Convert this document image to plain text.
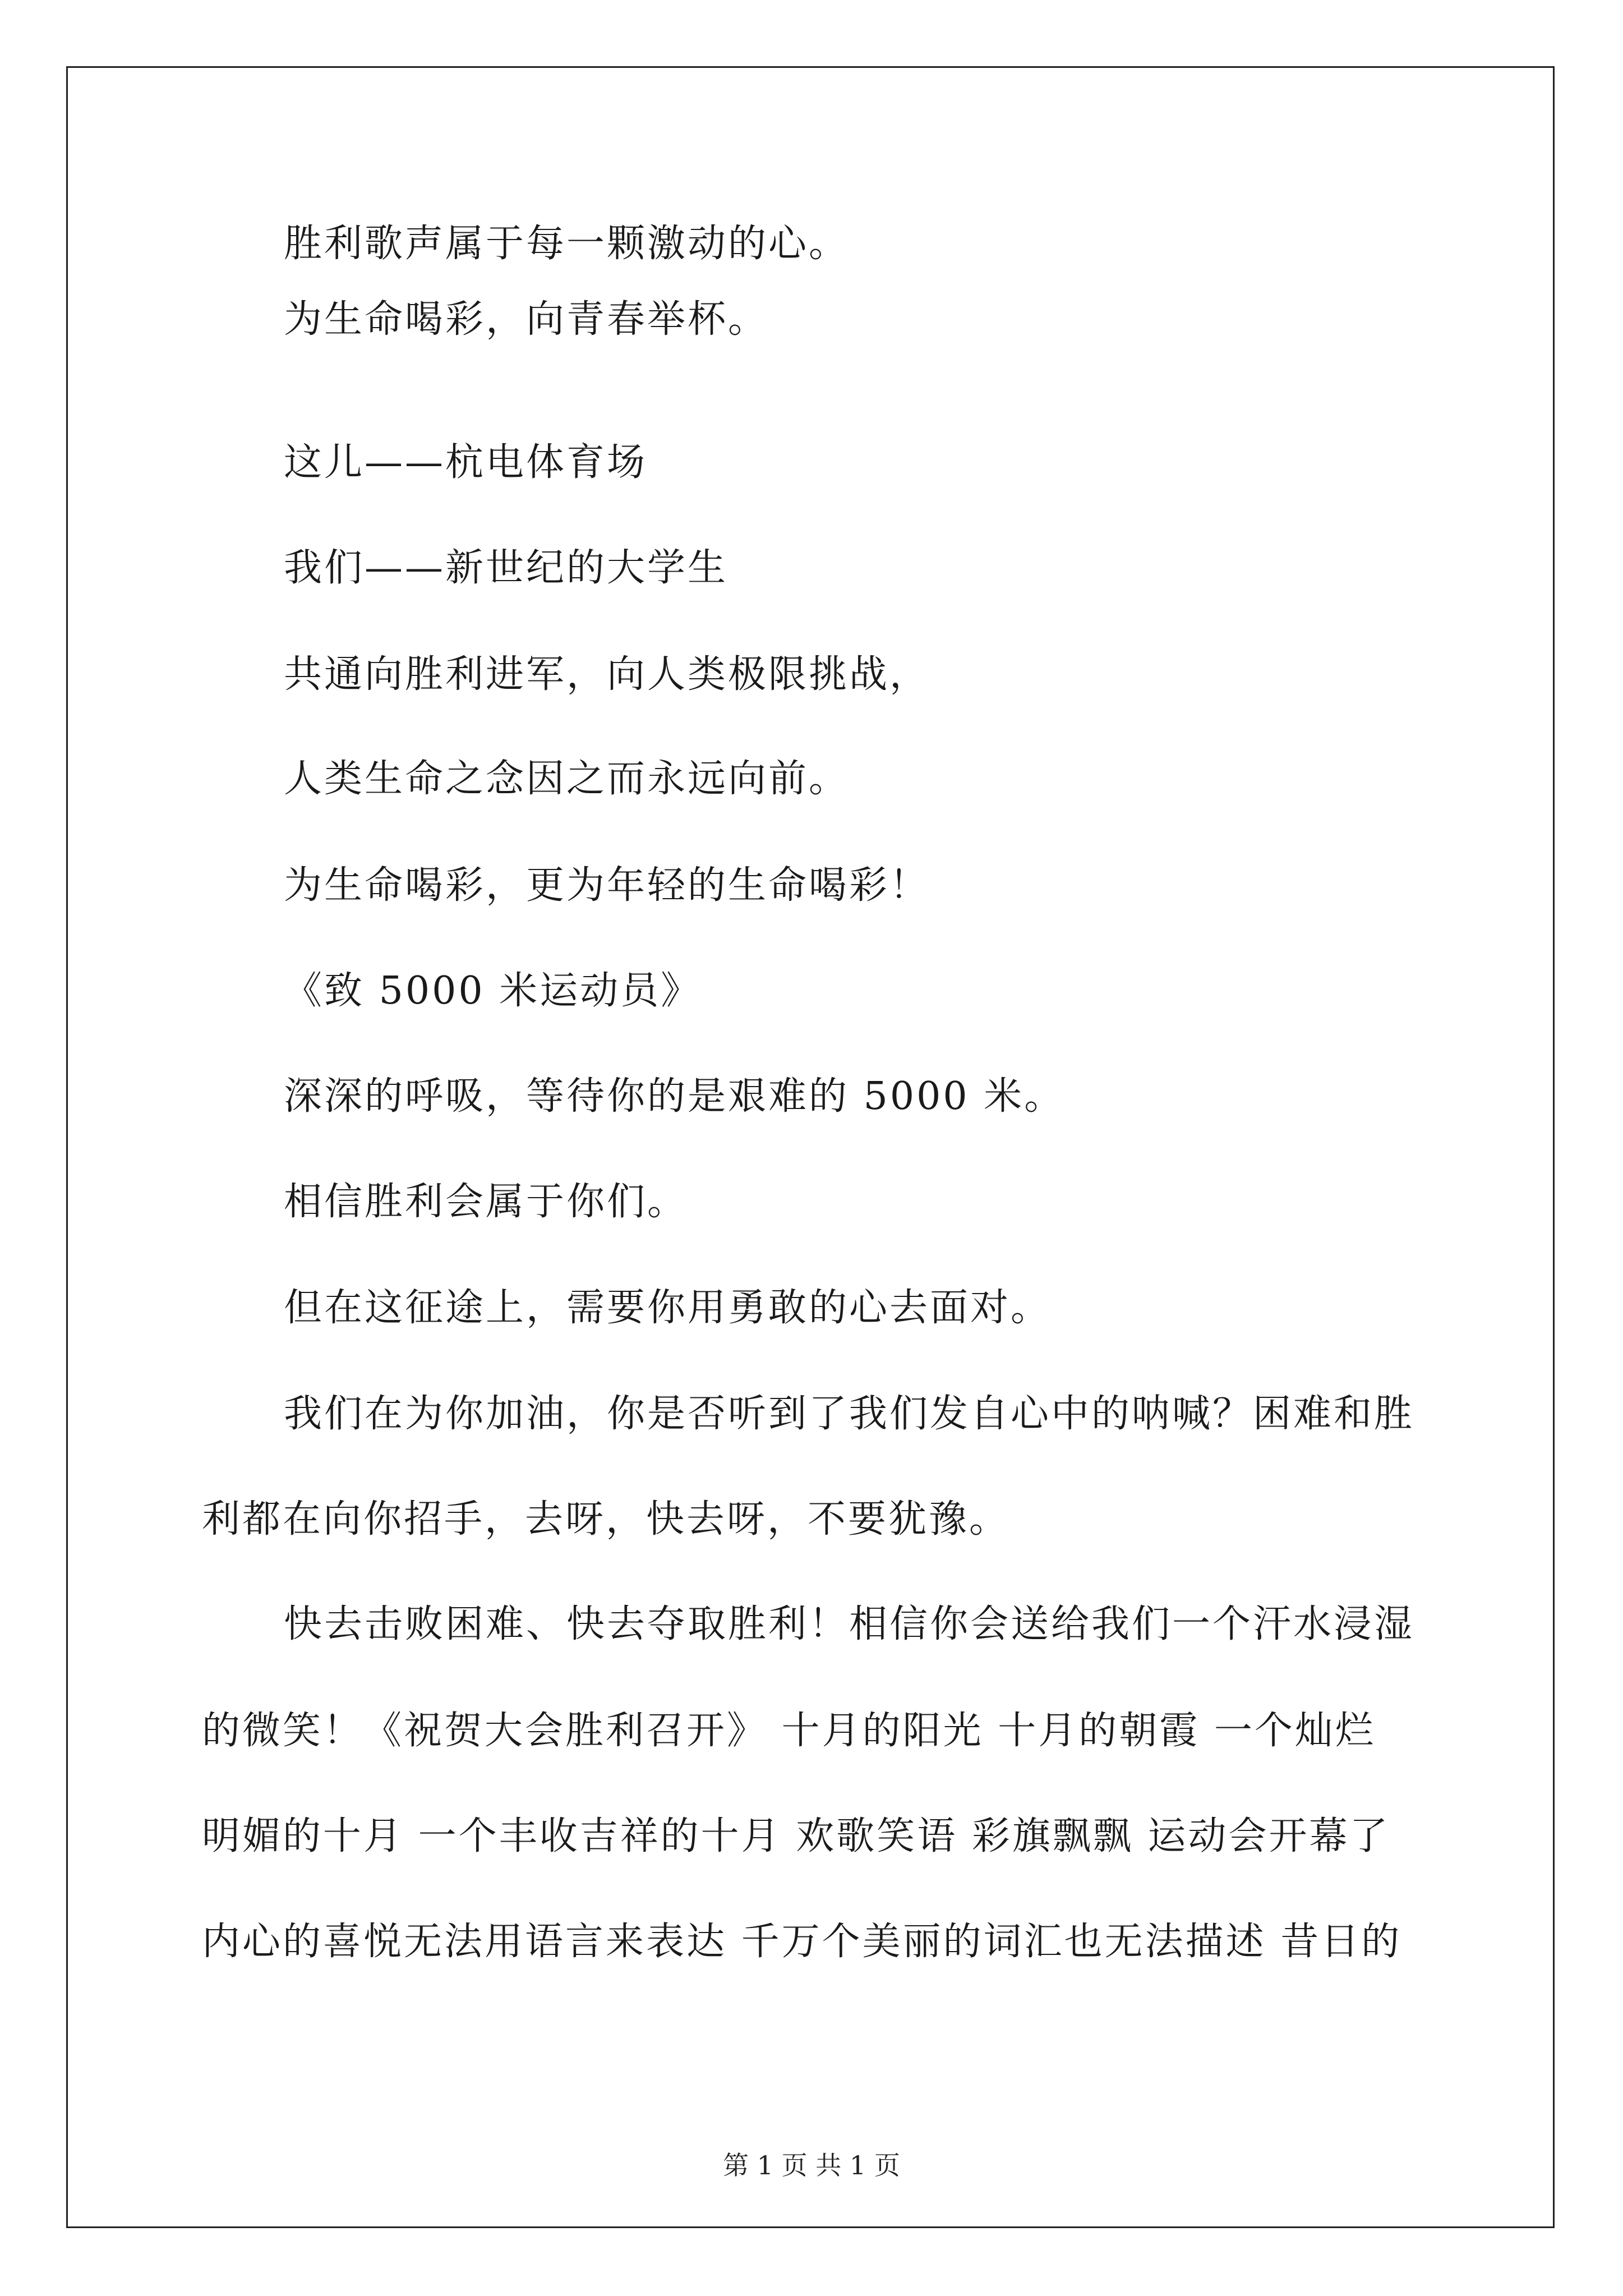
胜利歌声属于每一颗激动的心。
为生命喝彩，向青春举杯。
这儿——杭电体育场
我们——新世纪的大学生
共通向胜利进军，向人类极限挑战，
人类生命之念因之而永远向前。
为生命喝彩，更为年轻的生命喝彩！
《致 5000 米运动员》
深深的呼吸，等待你的是艰难的 5000 米。
相信胜利会属于你们。
但在这征途上，需要你用勇敢的心去面对。
我们在为你加油，你是否听到了我们发自心中的呐喊？困难和胜
利都在向你招手，去呀，快去呀，不要犹豫。
快去击败困难、快去夺取胜利！相信你会送给我们一个汗水浸湿
的微笑！《祝贺大会胜利召开》 十月的阳光 十月的朝霞 一个灿烂
明媚的十月 一个丰收吉祥的十月 欢歌笑语 彩旗飘飘 运动会开幕了
内心的喜悦无法用语言来表达 千万个美丽的词汇也无法描述 昔日的
第 1 页 共 1 页
